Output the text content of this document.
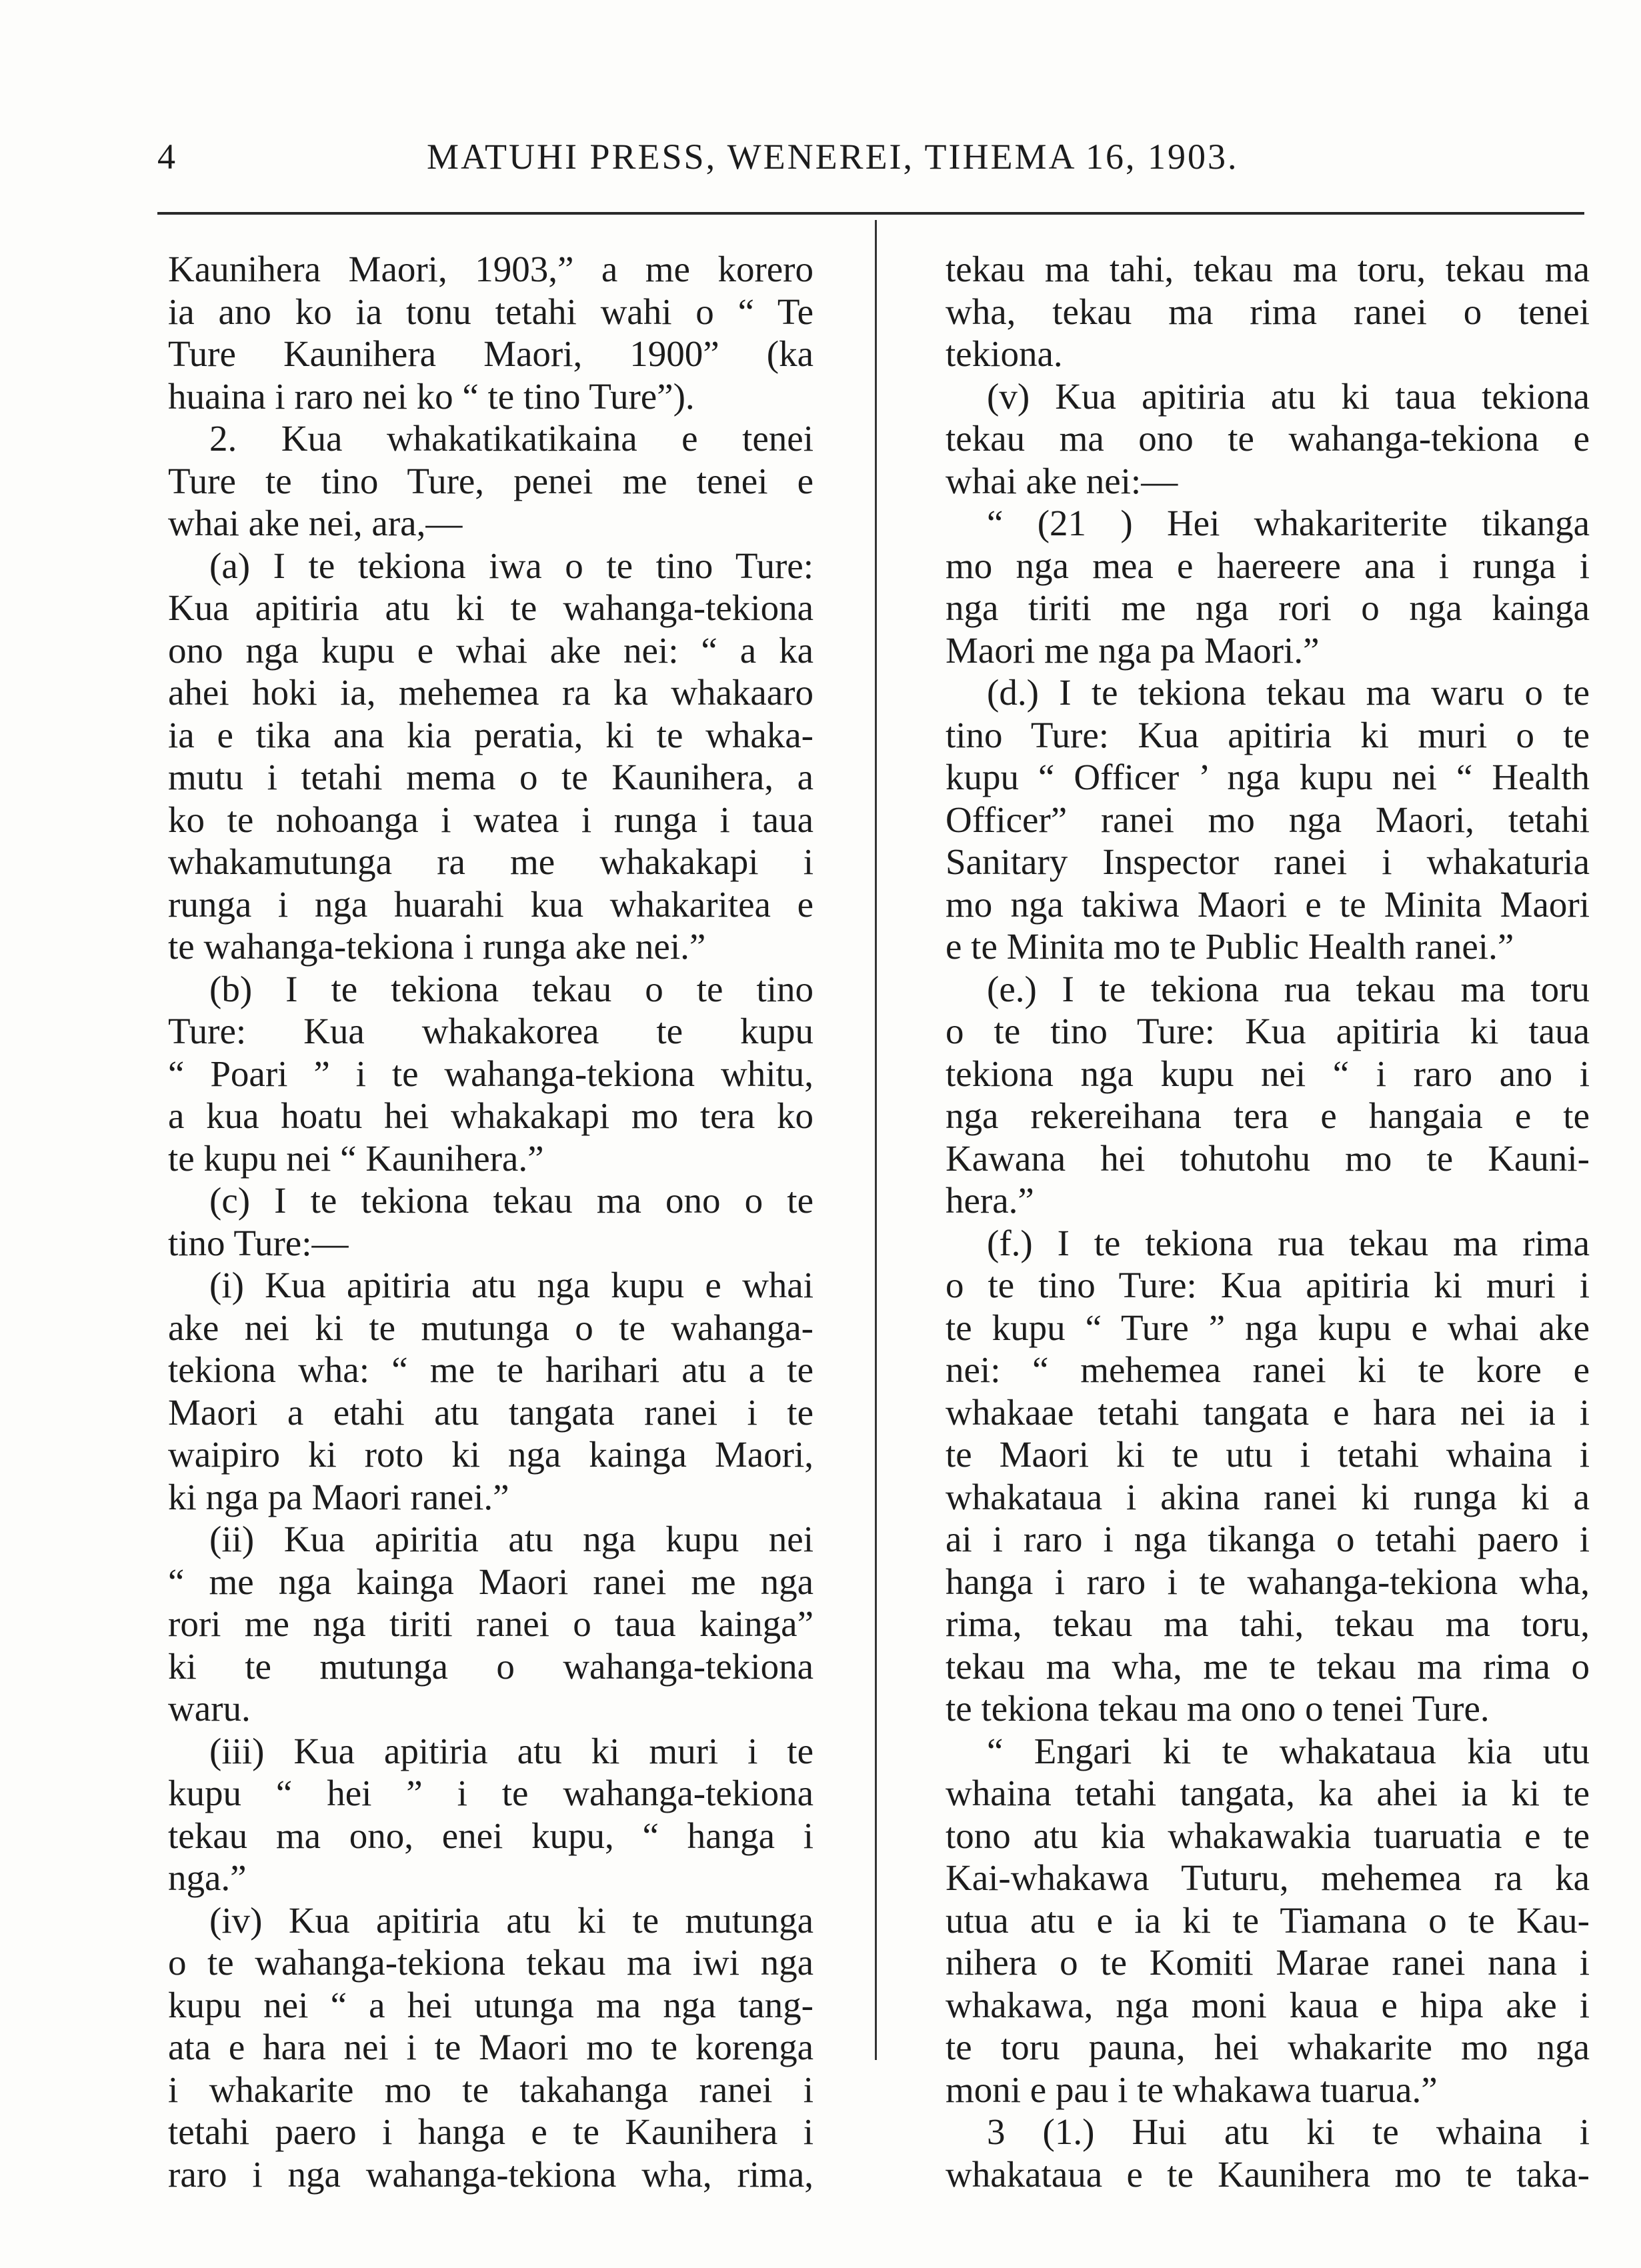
4	MATUHI PRESS, WENEREI, TIHEMA 16, 1903.
Kaunihera Maori, 1903,” a me korero
ia ano ko ia tonu tetahi wahi o “ Te
Ture Kaunihera Maori, 1900” (ka
huaina i raro nei ko “ te tino Ture”).
2. Kua whakatikatikaina e tenei
Ture te tino Ture, penei me tenei e
whai ake nei, ara,—
(a) I te tekiona iwa o te tino Ture:
Kua apitiria atu ki te wahanga-tekiona
ono nga kupu e whai ake nei: “ a ka
ahei hoki ia, mehemea ra ka whakaaro
ia e tika ana kia peratia, ki te whaka-
mutu i tetahi mema o te Kaunihera, a
ko te nohoanga i watea i runga i taua
whakamutunga ra me whakakapi i
runga i nga huarahi kua whakaritea e
te wahanga-tekiona i runga ake nei.”
(b) I te tekiona tekau o te tino
Ture: Kua whakakorea te kupu
“ Poari ” i te wahanga-tekiona whitu,
a kua hoatu hei whakakapi mo tera ko
te kupu nei “ Kaunihera.”
(c) I te tekiona tekau ma ono o te
tino Ture:—
(i) Kua apitiria atu nga kupu e whai
ake nei ki te mutunga o te wahanga-
tekiona wha: “ me te harihari atu a te
Maori a etahi atu tangata ranei i te
waipiro ki roto ki nga kainga Maori,
ki nga pa Maori ranei.”
(ii) Kua apiritia atu nga kupu nei
“ me nga kainga Maori ranei me nga
rori me nga tiriti ranei o taua kainga”
ki te mutunga o wahanga-tekiona
waru.
(iii) Kua apitiria atu ki muri i te
kupu “ hei ” i te wahanga-tekiona
tekau ma ono, enei kupu, “ hanga i
nga.”
(iv) Kua apitiria atu ki te mutunga
o te wahanga-tekiona tekau ma iwi nga
kupu nei “ a hei utunga ma nga tang-
ata e hara nei i te Maori mo te korenga
i whakarite mo te takahanga ranei i
tetahi paero i hanga e te Kaunihera i
raro i nga wahanga-tekiona wha, rima,
tekau ma tahi, tekau ma toru, tekau ma
wha, tekau ma rima ranei o tenei
tekiona.
(v) Kua apitiria atu ki taua tekiona
tekau ma ono te wahanga-tekiona e
whai ake nei:—
“ (21 ) Hei whakariterite tikanga
mo nga mea e haereere ana i runga i
nga tiriti me nga rori o nga kainga
Maori me nga pa Maori.”
(d.) I te tekiona tekau ma waru o te
tino Ture: Kua apitiria ki muri o te
kupu “ Officer ’ nga kupu nei “ Health
Officer” ranei mo nga Maori, tetahi
Sanitary Inspector ranei i whakaturia
mo nga takiwa Maori e te Minita Maori
e te Minita mo te Public Health ranei.”
(e.) I te tekiona rua tekau ma toru
o te tino Ture: Kua apitiria ki taua
tekiona nga kupu nei “ i raro ano i
nga rekereihana tera e hangaia e te
Kawana hei tohutohu mo te Kauni-
hera.”
(f.) I te tekiona rua tekau ma rima
o te tino Ture: Kua apitiria ki muri i
te kupu “ Ture ” nga kupu e whai ake
nei: “ mehemea ranei ki te kore e
whakaae tetahi tangata e hara nei ia i
te Maori ki te utu i tetahi whaina i
whakataua i akina ranei ki runga ki a
ai i raro i nga tikanga o tetahi paero i
hanga i raro i te wahanga-tekiona wha,
rima, tekau ma tahi, tekau ma toru,
tekau ma wha, me te tekau ma rima o
te tekiona tekau ma ono o tenei Ture.
“ Engari ki te whakataua kia utu
whaina tetahi tangata, ka ahei ia ki te
tono atu kia whakawakia tuaruatia e te
Kai-whakawa Tuturu, mehemea ra ka
utua atu e ia ki te Tiamana o te Kau-
nihera o te Komiti Marae ranei nana i
whakawa, nga moni kaua e hipa ake i
te toru pauna, hei whakarite mo nga
moni e pau i te whakawa tuarua.”
3 (1.) Hui atu ki te whaina i
whakataua e te Kaunihera mo te taka-
